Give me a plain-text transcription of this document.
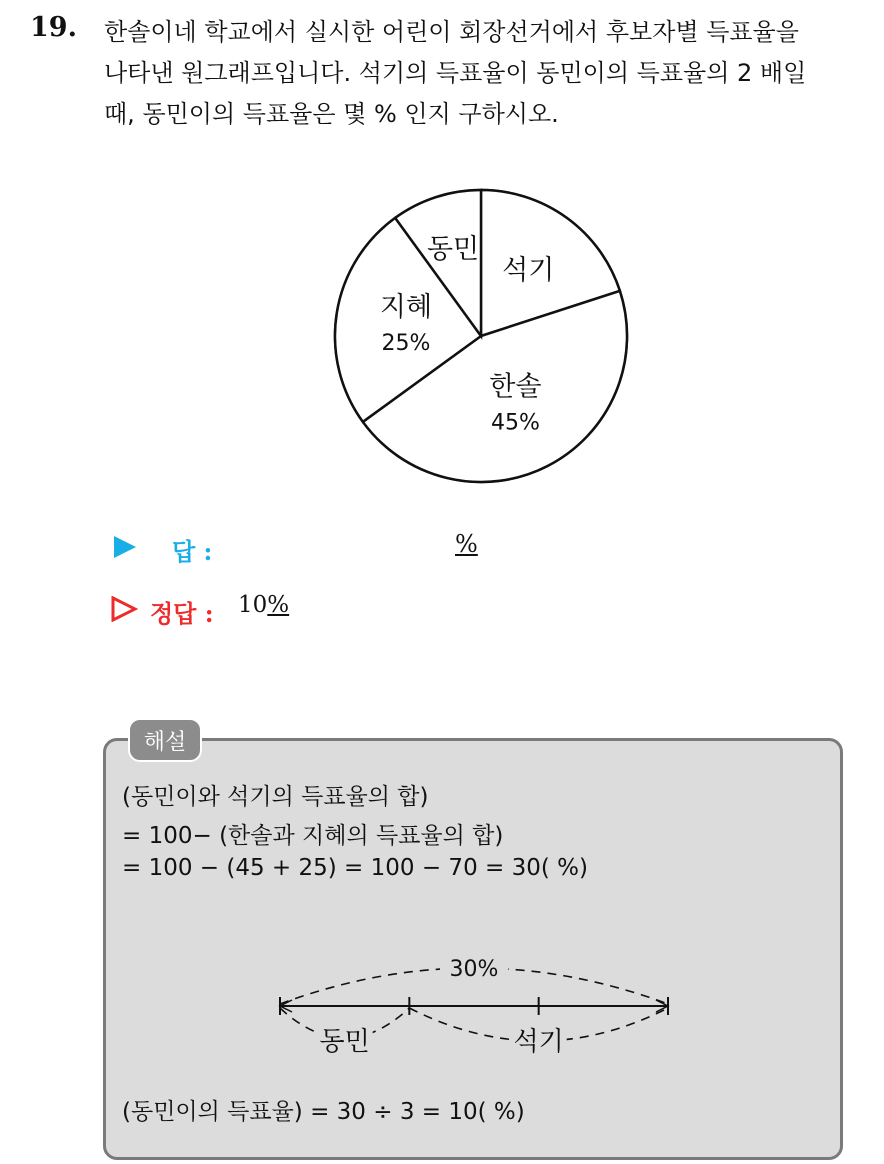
19. 한솔이네 학교에서 실시한 어린이 회장선거에서 후보자별 득표율을
나타낸 원그래프입니다. 석기의 득표율이 동민이의 득표율의 2 배일
때, 동민이의 득표율은 몇 % 인지 구하시오.
석기
한솔
45%
지혜
25%
동민
답 :	%
정답 : 10%
해설
(동민이와 석기의 득표율의 합)
= 100− (한솔과 지혜의 득표율의 합)
= 100 − (45 + 25) = 100 − 70 = 30( %)
30%
동민	석기
(동민이의 득표율) = 30 ÷ 3 = 10( %)
